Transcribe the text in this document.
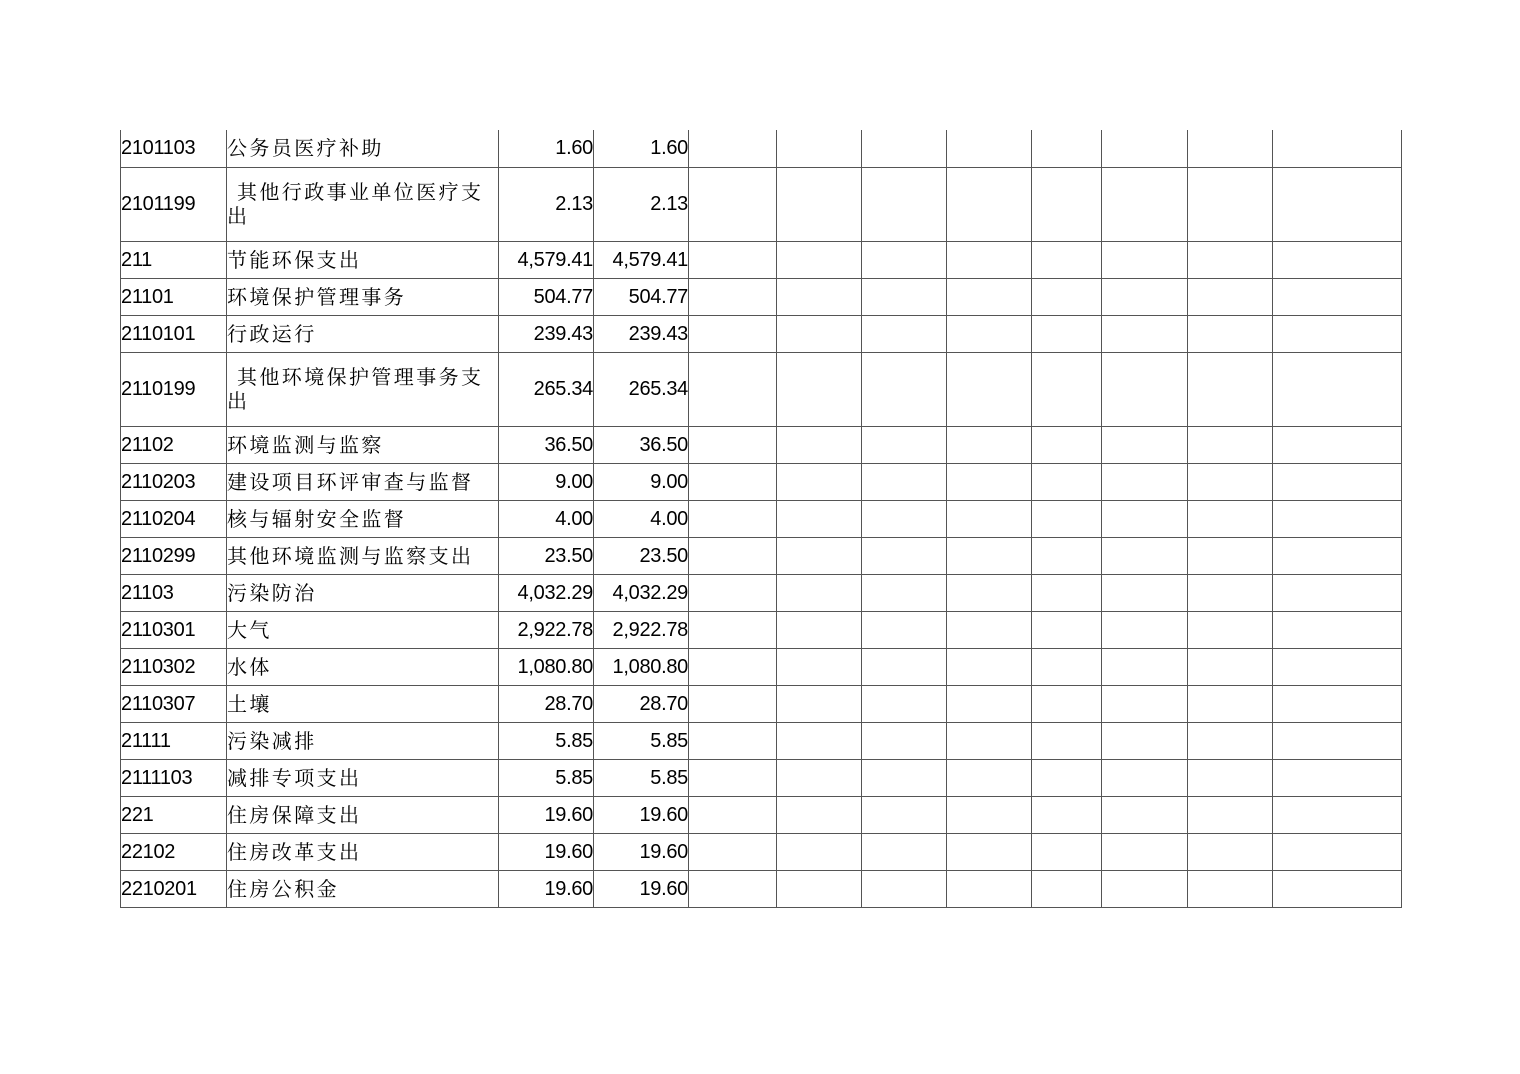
2101103	公务员医疗补助	1.60	1.60								
2101199	其他行政事业单位医疗支出	2.13	2.13								
211	节能环保支出	4,579.41	4,579.41								
21101	环境保护管理事务	504.77	504.77								
2110101	行政运行	239.43	239.43								
2110199	其他环境保护管理事务支出	265.34	265.34								
21102	环境监测与监察	36.50	36.50								
2110203	建设项目环评审查与监督	9.00	9.00								
2110204	核与辐射安全监督	4.00	4.00								
2110299	其他环境监测与监察支出	23.50	23.50								
21103	污染防治	4,032.29	4,032.29								
2110301	大气	2,922.78	2,922.78								
2110302	水体	1,080.80	1,080.80								
2110307	土壤	28.70	28.70								
21111	污染减排	5.85	5.85								
2111103	减排专项支出	5.85	5.85								
221	住房保障支出	19.60	19.60								
22102	住房改革支出	19.60	19.60								
2210201	住房公积金	19.60	19.60								
